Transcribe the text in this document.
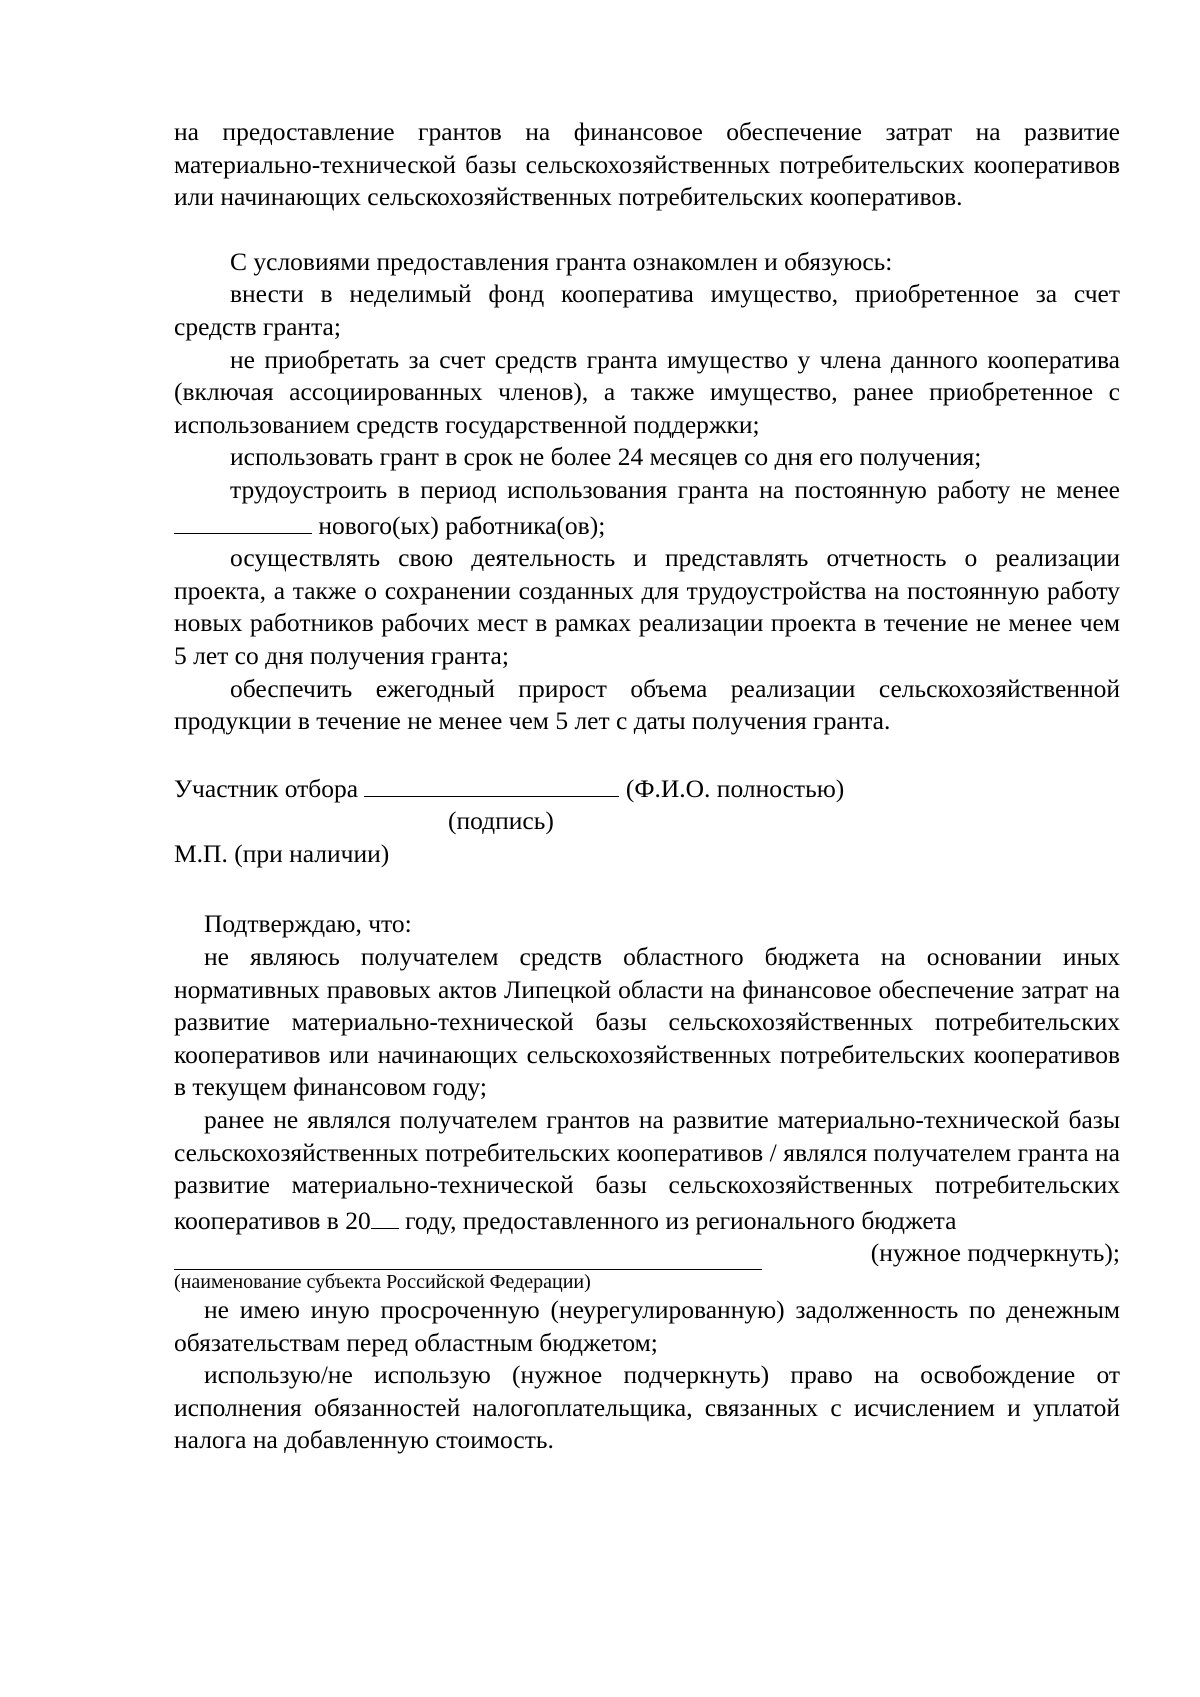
на предоставление грантов на финансовое обеспечение затрат на развитие материально-технической базы сельскохозяйственных потребительских кооперативов или начинающих сельскохозяйственных потребительских кооперативов.

С условиями предоставления гранта ознакомлен и обязуюсь:

внести в неделимый фонд кооператива имущество, приобретенное за счет средств гранта;

не приобретать за счет средств гранта имущество у члена данного кооператива (включая ассоциированных членов), а также имущество, ранее приобретенное с использованием средств государственной поддержки;

использовать грант в срок не более 24 месяцев со дня его получения;

трудоустроить в период использования гранта на постоянную работу не менее  нового(ых) работника(ов);

осуществлять свою деятельность и представлять отчетность о реализации проекта, а также о сохранении созданных для трудоустройства на постоянную работу новых работников рабочих мест в рамках реализации проекта в течение не менее чем 5 лет со дня получения гранта;

обеспечить ежегодный прирост объема реализации сельскохозяйственной продукции в течение не менее чем 5 лет с даты получения гранта.

Участник отбора	(Ф.И.О. полностью)
(подпись)
М.П. (при наличии)

Подтверждаю, что:

не являюсь получателем средств областного бюджета на основании иных нормативных правовых актов Липецкой области на финансовое обеспечение затрат на развитие материально-технической базы сельскохозяйственных потребительских кооперативов или начинающих сельскохозяйственных потребительских кооперативов в текущем финансовом году;

ранее не являлся получателем грантов на развитие материально-технической базы сельскохозяйственных потребительских кооперативов / являлся получателем гранта на развитие материально-технической базы сельскохозяйственных потребительских кооперативов в 20 году, предоставленного из регионального бюджета

(нужное подчеркнуть);
(наименование субъекта Российской Федерации)

не имею иную просроченную (неурегулированную) задолженность по денежным обязательствам перед областным бюджетом;

использую/не использую (нужное подчеркнуть) право на освобождение от исполнения обязанностей налогоплательщика, связанных с исчислением и уплатой налога на добавленную стоимость.
